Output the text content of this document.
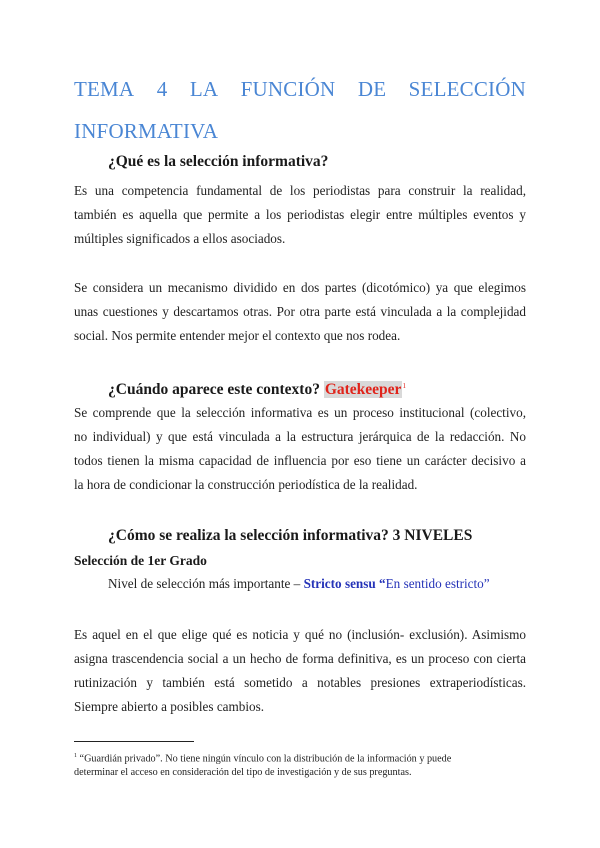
TEMA 4 LA FUNCIÓN DE SELECCIÓN
INFORMATIVA
¿Qué es la selección informativa?

Es una competencia fundamental de los periodistas para construir la realidad,
también es aquella que permite a los periodistas elegir entre múltiples eventos y
múltiples significados a ellos asociados.

Se considera un mecanismo dividido en dos partes (dicotómico) ya que elegimos
unas cuestiones y descartamos otras. Por otra parte está vinculada a la complejidad
social. Nos permite entender mejor el contexto que nos rodea.

¿Cuándo aparece este contexto? Gatekeeper$^1$

Se comprende que la selección informativa es un proceso institucional (colectivo,
no individual) y que está vinculada a la estructura jerárquica de la redacción. No
todos tienen la misma capacidad de influencia por eso tiene un carácter decisivo a
la hora de condicionar la construcción periodística de la realidad.

¿Cómo se realiza la selección informativa? 3 NIVELES
Selección de 1er Grado

Nivel de selección más importante – Stricto sensu “En sentido estricto”

Es aquel en el que elige qué es noticia y qué no (inclusión- exclusión). Asimismo
asigna trascendencia social a un hecho de forma definitiva, es un proceso con cierta
rutinización y también está sometido a notables presiones extraperiodísticas.
Siempre abierto a posibles cambios.

$^1$ “Guardián privado”. No tiene ningún vínculo con la distribución de la información y puede
determinar el acceso en consideración del tipo de investigación y de sus preguntas.
